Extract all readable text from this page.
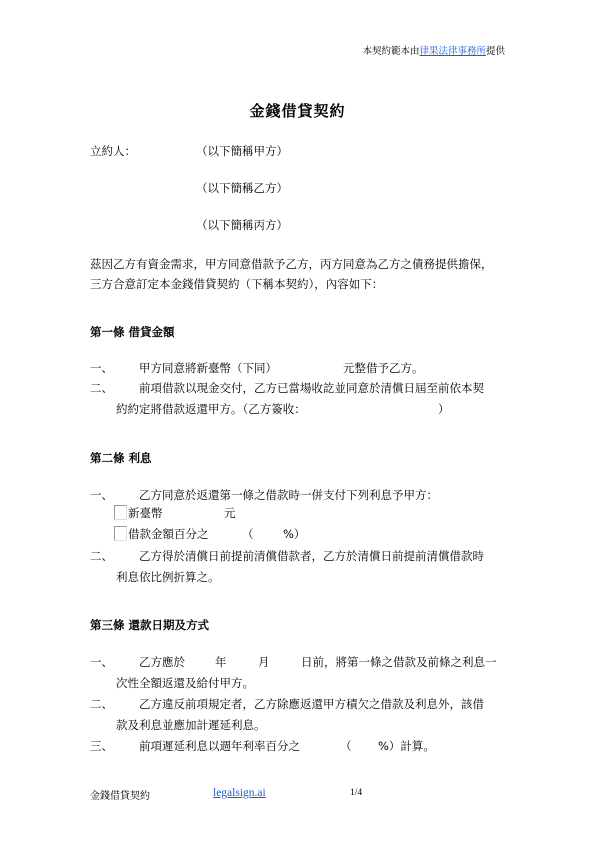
本契約範本由律果法律事務所提供
金錢借貸契約
立約人：	（以下簡稱甲方）
（以下簡稱乙方）
（以下簡稱丙方）
茲因乙方有資金需求，甲方同意借款予乙方，丙方同意為乙方之債務提供擔保，
三方合意訂定本金錢借貸契約（下稱本契約），內容如下：
第一條 借貸金額
一、 甲方同意將新臺幣（下同）	元整借予乙方。
二、 前項借款以現金交付，乙方已當場收訖並同意於清償日屆至前依本契
約約定將借款返還甲方。（乙方簽收：	）
第二條 利息
一、 乙方同意於返還第一條之借款時一併支付下列利息予甲方：
新臺幣	元
借款金額百分之	（	%）
二、 乙方得於清償日前提前清償借款者，乙方於清償日前提前清償借款時
利息依比例折算之。
第三條 還款日期及方式
一、 乙方應於	年	月	日前，將第一條之借款及前條之利息一
次性全額返還及給付甲方。
二、 乙方違反前項規定者，乙方除應返還甲方積欠之借款及利息外，該借
款及利息並應加計遲延利息。
三、 前項遲延利息以週年利率百分之	（ %）計算。
金錢借貸契約	legalsign.ai	1/4
